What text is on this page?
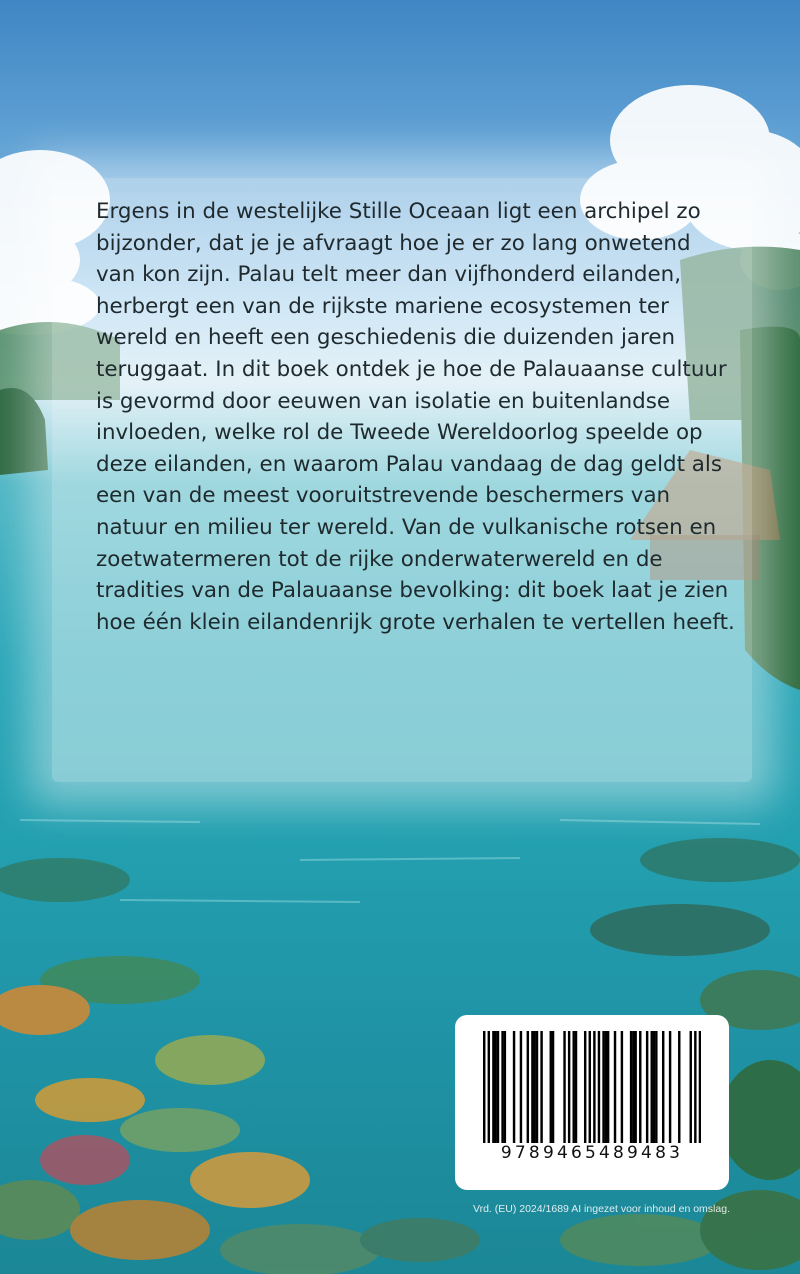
Ergens in de westelijke Stille Oceaan ligt een archipel zo bijzonder, dat je je afvraagt hoe je er zo lang onwetend van kon zijn. Palau telt meer dan vijfhonderd eilanden, herbergt een van de rijkste mariene ecosystemen ter wereld en heeft een geschiedenis die duizenden jaren teruggaat. In dit boek ontdek je hoe de Palauaanse cultuur is gevormd door eeuwen van isolatie en buitenlandse invloeden, welke rol de Tweede Wereldoorlog speelde op deze eilanden, en waarom Palau vandaag de dag geldt als een van de meest vooruitstrevende beschermers van natuur en milieu ter wereld. Van de vulkanische rotsen en zoetwatermeren tot de rijke onderwaterwereld en de tradities van de Palauaanse bevolking: dit boek laat je zien hoe één klein eilandenrijk grote verhalen te vertellen heeft.

9789465489483
Vrd. (EU) 2024/1689 AI ingezet voor inhoud en omslag.
